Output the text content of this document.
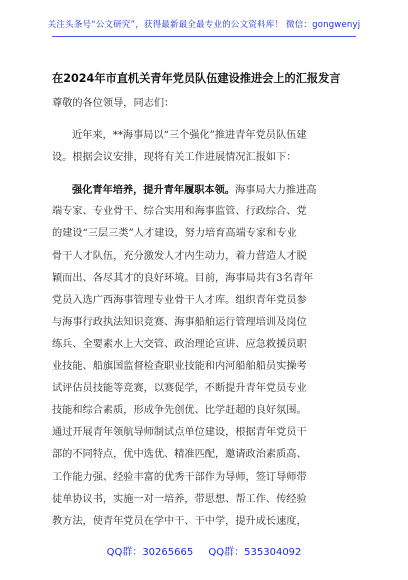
关注头条号“公文研究”，获得最新最全最专业的公文资料库！ 微信：gongwenyj
在2024年市直机关青年党员队伍建设推进会上的汇报发言
尊敬的各位领导，同志们：
近年来，**海事局以“三个强化”推进青年党员队伍建
设。根据会议安排，现将有关工作进展情况汇报如下：
强化青年培养，提升青年履职本领。海事局大力推进高
端专家、专业骨干、综合实用和海事监管、行政综合、党
的建设“三层三类”人才建设，努力培育高端专家和专业
骨干人才队伍，充分激发人才内生动力，着力营造人才脱
颖而出、各尽其才的良好环境。目前，海事局共有3名青年
党员入选广西海事管理专业骨干人才库。组织青年党员参
与海事行政执法知识竞赛、海事船舶运行管理培训及岗位
练兵、全要素水上大交管、政治理论宣讲、应急救援员职
业技能、船旗国监督检查职业技能和内河船舶船员实操考
试评估员技能等竞赛，以赛促学，不断提升青年党员专业
技能和综合素质，形成争先创优、比学赶超的良好氛围。
通过开展青年领航导师制试点单位建设，根据青年党员干
部的不同特点，优中选优、精准匹配，邀请政治素质高、
工作能力强、经验丰富的优秀干部作为导师，签订导师带
徒单协议书，实施一对一培养，带思想、帮工作、传经验
教方法，使青年党员在学中干、干中学，提升成长速度，
QQ群：30265665 QQ群：535304092
